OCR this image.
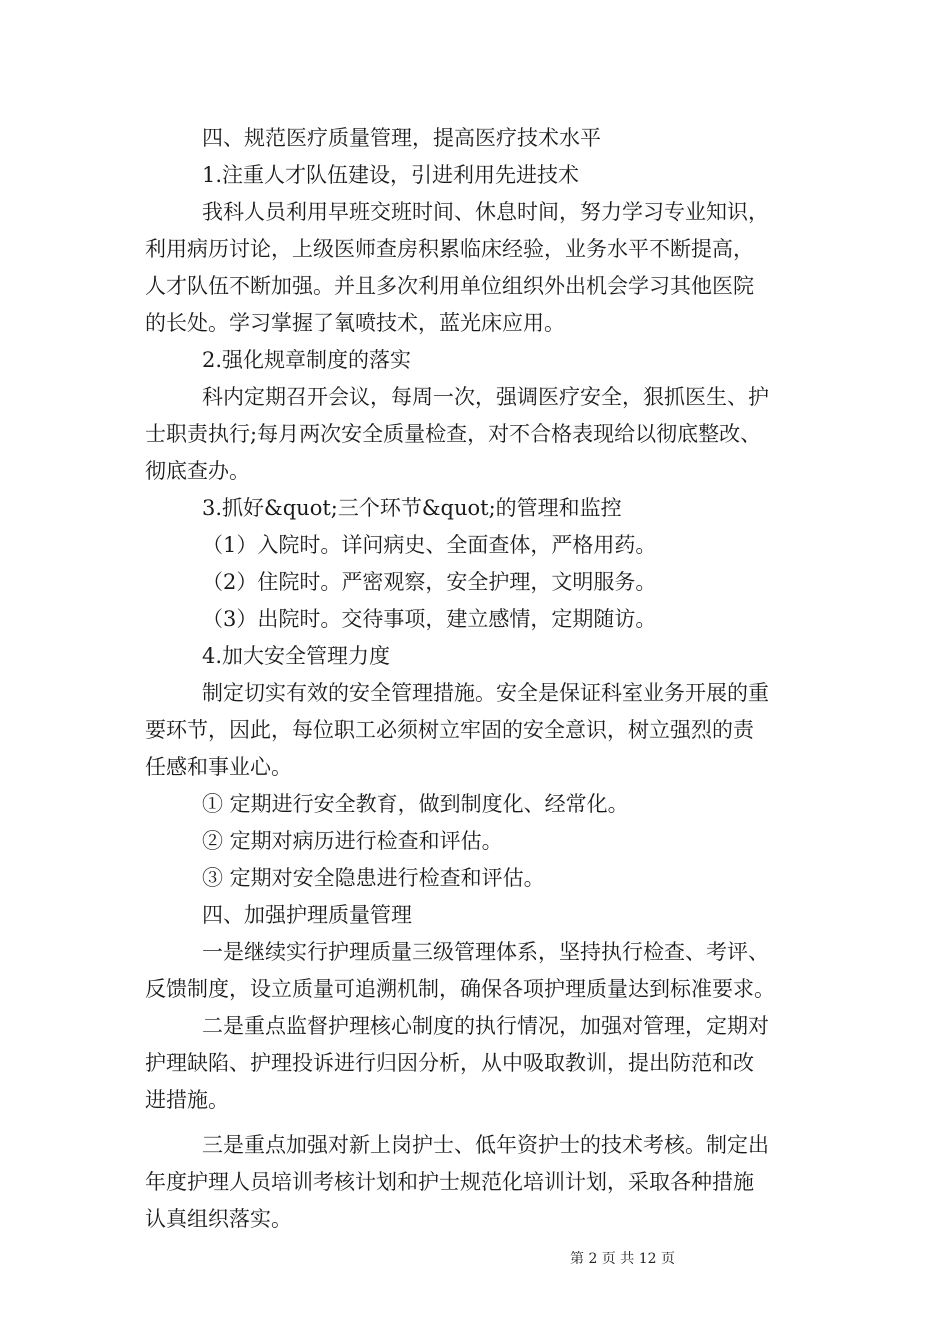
四、规范医疗质量管理，提高医疗技术水平
1.注重人才队伍建设，引进利用先进技术
我科人员利用早班交班时间、休息时间，努力学习专业知识，
利用病历讨论，上级医师查房积累临床经验，业务水平不断提高，
人才队伍不断加强。并且多次利用单位组织外出机会学习其他医院
的长处。学习掌握了氧喷技术，蓝光床应用。
2.强化规章制度的落实
科内定期召开会议，每周一次，强调医疗安全，狠抓医生、护
士职责执行;每月两次安全质量检查，对不合格表现给以彻底整改、
彻底查办。
3.抓好&quot;三个环节&quot;的管理和监控
（1）入院时。详问病史、全面查体，严格用药。
（2）住院时。严密观察，安全护理，文明服务。
（3）出院时。交待事项，建立感情，定期随访。
4.加大安全管理力度
制定切实有效的安全管理措施。安全是保证科室业务开展的重
要环节，因此，每位职工必须树立牢固的安全意识，树立强烈的责
任感和事业心。
① 定期进行安全教育，做到制度化、经常化。
② 定期对病历进行检查和评估。
③ 定期对安全隐患进行检查和评估。
四、加强护理质量管理
一是继续实行护理质量三级管理体系，坚持执行检查、考评、
反馈制度，设立质量可追溯机制，确保各项护理质量达到标准要求。
二是重点监督护理核心制度的执行情况，加强对管理，定期对
护理缺陷、护理投诉进行归因分析，从中吸取教训，提出防范和改
进措施。
三是重点加强对新上岗护士、低年资护士的技术考核。制定出
年度护理人员培训考核计划和护士规范化培训计划，采取各种措施
认真组织落实。
第 2 页 共 12 页
